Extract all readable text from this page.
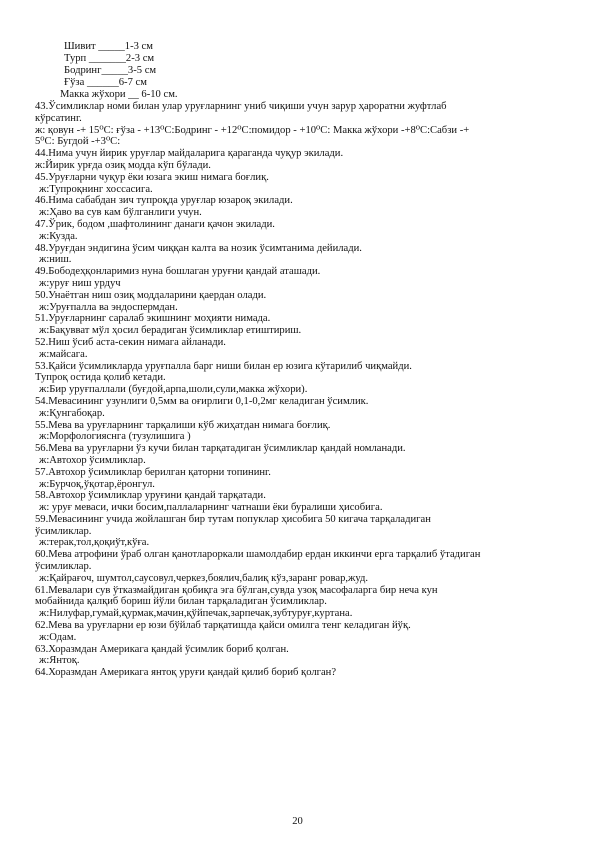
Шивит _____1-3 см
Турп _______2-3 см
Бодринг_____3-5 см
Ғўза ______6-7 см
Мaккa жўхори __ 6-10 см.
43.Ўсимликлар номи билан улар уруғларнинг униб чиқиши учун зарур ҳароратни жуфтлаб
кўрсатинг.
ж: қовун -+ 15⁰С: ғўза - +13⁰С:Бодринг - +12⁰С:помидор - +10⁰С: Макка жўхори -+8⁰С:Сабзи -+
5⁰С: Бугдой -+3⁰С:
44.Нима учун йирик уруғлар майдаларига қараганда чуқур экилади.
ж:Йирик урғда озиқ модда кўп бўлади.
45.Уруғларни чуқур ёки юзага экиш нимага боғлиқ.
ж:Тупроқнинг хоссасига.
46.Нима сабабдан зич тупроқда уруғлар юзароқ экилади.
ж:Ҳаво ва сув кам бўлганлиги учун.
47.Ўрик, бодом ,шафтолининг данаги қачон экилади.
ж:Кузда.
48.Уруғдан эндигина ўсим чиққан калта ва нозик ўсимтанима дейилади.
ж:ниш.
49.Бободеҳқонларимиз нуна бошлаган уруғни қандай аташади.
ж:уруғ ниш урдуч
50.Унаётган ниш озиқ моддаларини қаердан олади.
ж:Уруғпалла ва эндоспермдан.
51.Уруғларнинг саралаб экишнинг моҳияти нимада.
ж:Бақувват мўл ҳосил берадиган ўсимликлар етиштириш.
52.Ниш ўсиб аста-секин нимага айланади.
ж:майсага.
53.Қайси ўсимликларда уруғпалла барг ниши билан ер юзига кўтарилиб чиқмайди.
Тупроқ остида қолиб кетади.
ж:Бир уруғпаллали (буғдой,арпа,шоли,сули,макка жўхори).
54.Мевасининг узунлиги 0,5мм ва оғирлиги 0,1-0,2мг келадиган ўсимлик.
ж:Қунгабоқар.
55.Мева ва уруғларнинг тарқалиши кўб жиҳатдан нимага боғлиқ.
ж:Морфологияснга (тузулишига )
56.Мева ва уруғларни ўз кучи билан тарқатадиган ўсимликлар қандай номланади.
ж:Автохор ўсимликлар.
57.Автохор ўсимликлар берилган қаторни топининг.
ж:Бурчоқ,ўқотар,ёронгул.
58.Автохор ўсимликлар уруғини қандай тарқатади.
ж: уруғ меваси, ички босим,паллаларнинг чатнаши ёки буралиши ҳисобига.
59.Мевасининг учида жойлашган бир тутам попуклар ҳисобига 50 кигача тарқаладиган
ўсимликлар.
ж:терак,тол,қоқиўт,кўға.
60.Мева атрофини ўраб олган қанотлароркали шамолдабир ердан иккинчи ерга тарқалиб ўтадиган
ўсимликлар.
ж:Қайрағоч, шумтол,саусовул,черкез,боялич,балиқ кўз,заранг ровар,жуд.
61.Мевалари сув ўтказмайдиган қобиқга эга бўлган,сувда узоқ масофаларга бир неча кун
мобайнида қалқиб бориш йўли билан тарқаладиган ўсимликлар.
ж:Нилуфар,гумай,қурмак,мачин,қўйпечак,зарпечак,зубтуруғ,куртана.
62.Мева ва уруғларни ер юзи бўйлаб тарқатишда қайси омилга тенг келадиган йўқ.
ж:Одам.
63.Хоразмдан Америкага қандай ўсимлик бориб қолган.
ж:Янтоқ.
64.Хоразмдан Америкага янтоқ уруғи қандай қилиб бориб қолган?
20
